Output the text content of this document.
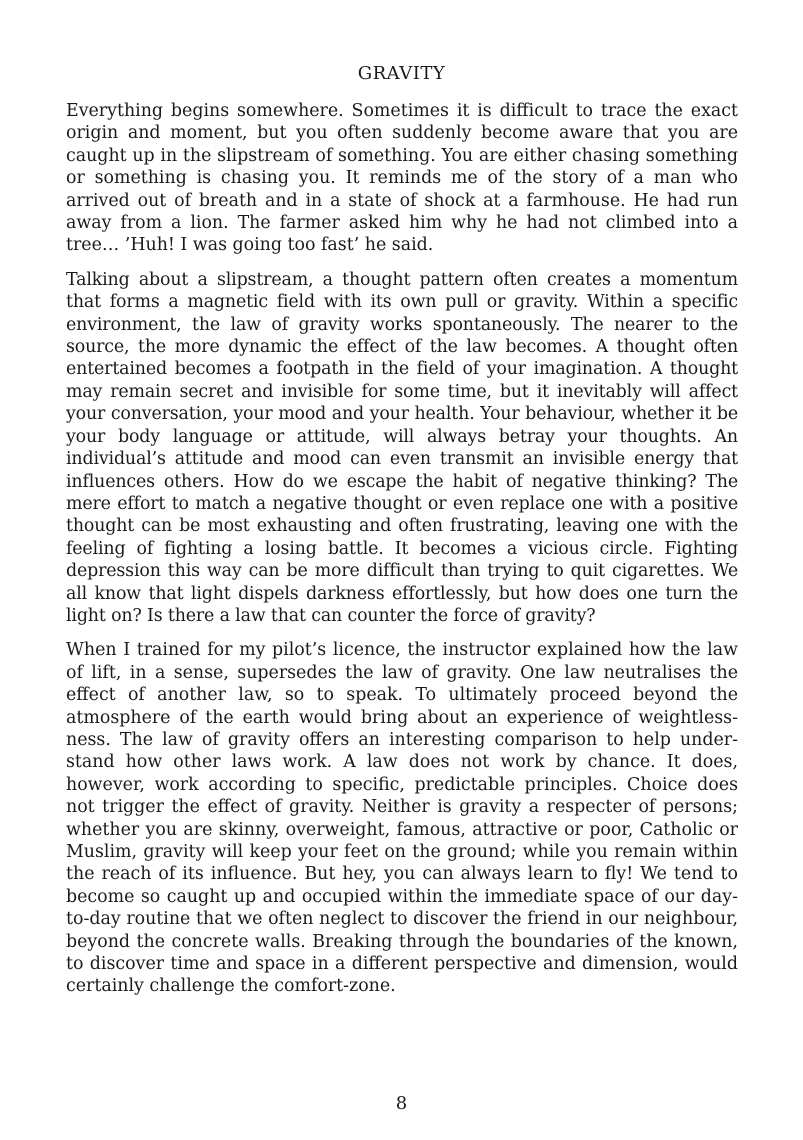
GRAVITY

Everything begins somewhere. Sometimes it is difficult to trace the exact origin and moment, but you often suddenly become aware that you are caught up in the slipstream of something. You are either chasing something or something is chasing you. It reminds me of the story of a man who arrived out of breath and in a state of shock at a farmhouse. He had run away from a lion. The farmer asked him why he had not climbed into a tree… ’Huh! I was going too fast’ he said.

Talking about a slipstream, a thought pattern often creates a momentum that forms a magnetic field with its own pull or gravity. Within a specific environment, the law of gravity works spontaneously. The nearer to the source, the more dynamic the effect of the law becomes. A thought often entertained becomes a footpath in the field of your imagination. A thought may remain secret and invisible for some time, but it inevitably will affect your conversation, your mood and your health. Your behaviour, whether it be your body language or attitude, will always betray your thoughts. An individual’s attitude and mood can even transmit an invisible energy that influences others. How do we escape the habit of negative thinking? The mere effort to match a negative thought or even replace one with a positive thought can be most exhausting and often frustrating, leaving one with the feeling of fighting a losing battle. It becomes a vicious circle. Fighting depression this way can be more difficult than trying to quit cigarettes. We all know that light dispels darkness effortlessly, but how does one turn the light on? Is there a law that can counter the force of gravity?

When I trained for my pilot’s licence, the instructor explained how the law of lift, in a sense, supersedes the law of gravity. One law neutralises the effect of another law, so to speak. To ultimately proceed beyond the atmosphere of the earth would bring about an experience of weightlessness. The law of gravity offers an interesting comparison to help understand how other laws work. A law does not work by chance. It does, however, work according to specific, predictable principles. Choice does not trigger the effect of gravity. Neither is gravity a respecter of persons; whether you are skinny, overweight, famous, attractive or poor, Catholic or Muslim, gravity will keep your feet on the ground; while you remain within the reach of its influence. But hey, you can always learn to fly! We tend to become so caught up and occupied within the immediate space of our day-to-day routine that we often neglect to discover the friend in our neighbour, beyond the concrete walls. Breaking through the boundaries of the known, to discover time and space in a different perspective and dimension, would certainly challenge the comfort-zone.

8
